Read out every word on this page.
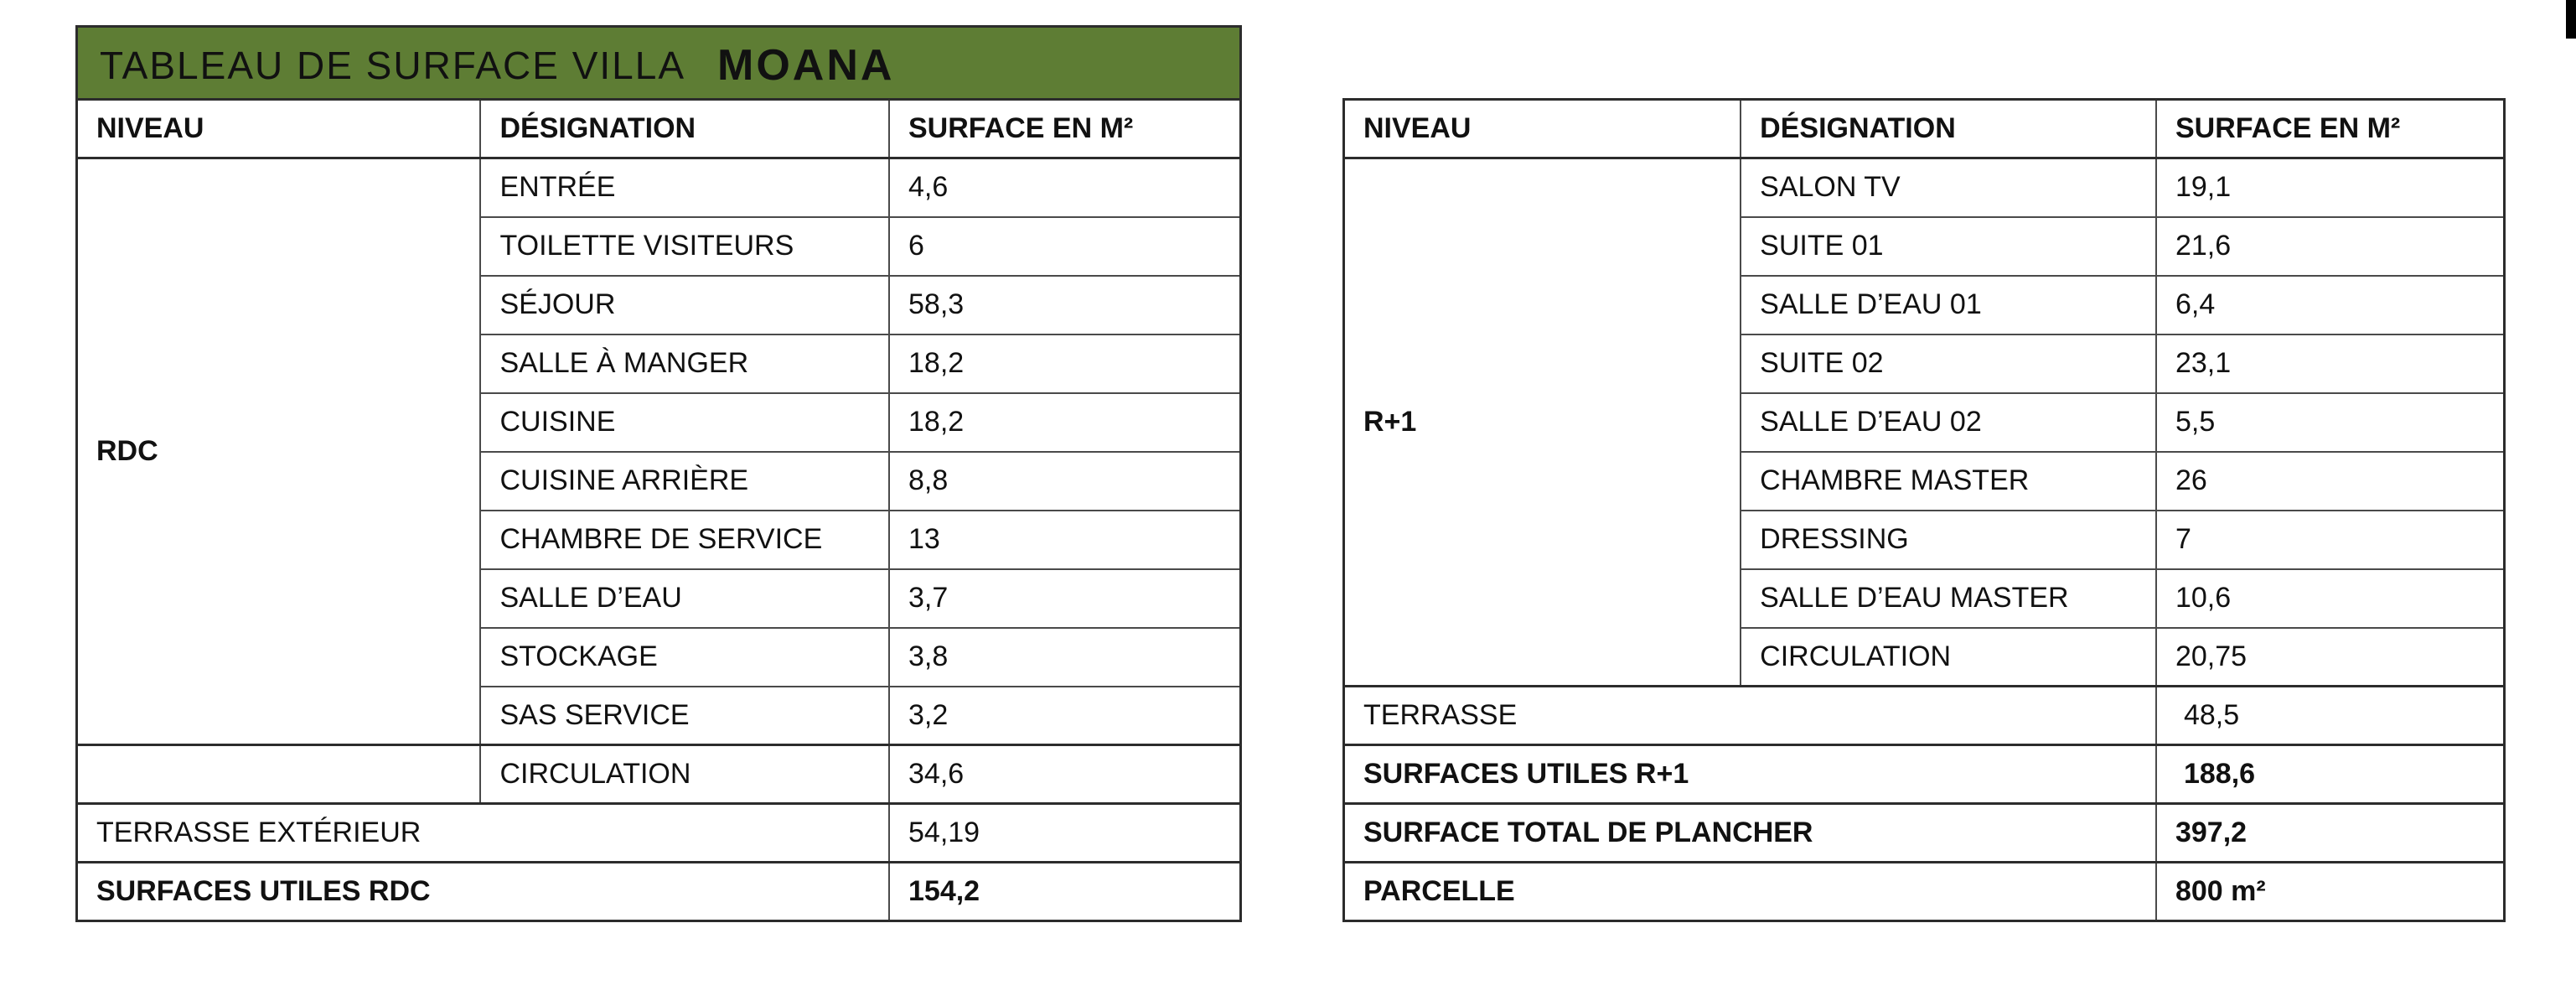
TABLEAU DE SURFACE VILLA MOANA
NIVEAU	DÉSIGNATION	SURFACE EN M²
RDC	ENTRÉE	4,6
	TOILETTE VISITEURS	6
	SÉJOUR	58,3
	SALLE À MANGER	18,2
	CUISINE	18,2
	CUISINE ARRIÈRE	8,8
	CHAMBRE DE SERVICE	13
	SALLE D’EAU	3,7
	STOCKAGE	3,8
	SAS SERVICE	3,2
	CIRCULATION	34,6
TERRASSE EXTÉRIEUR		54,19
SURFACES UTILES RDC		154,2
NIVEAU	DÉSIGNATION	SURFACE EN M²
R+1	SALON TV	19,1
	SUITE 01	21,6
	SALLE D’EAU 01	6,4
	SUITE 02	23,1
	SALLE D’EAU 02	5,5
	CHAMBRE MASTER	26
	DRESSING	7
	SALLE D’EAU MASTER	10,6
	CIRCULATION	20,75
TERRASSE		48,5
SURFACES UTILES R+1		188,6
SURFACE TOTAL DE PLANCHER		397,2
PARCELLE		800 m²
